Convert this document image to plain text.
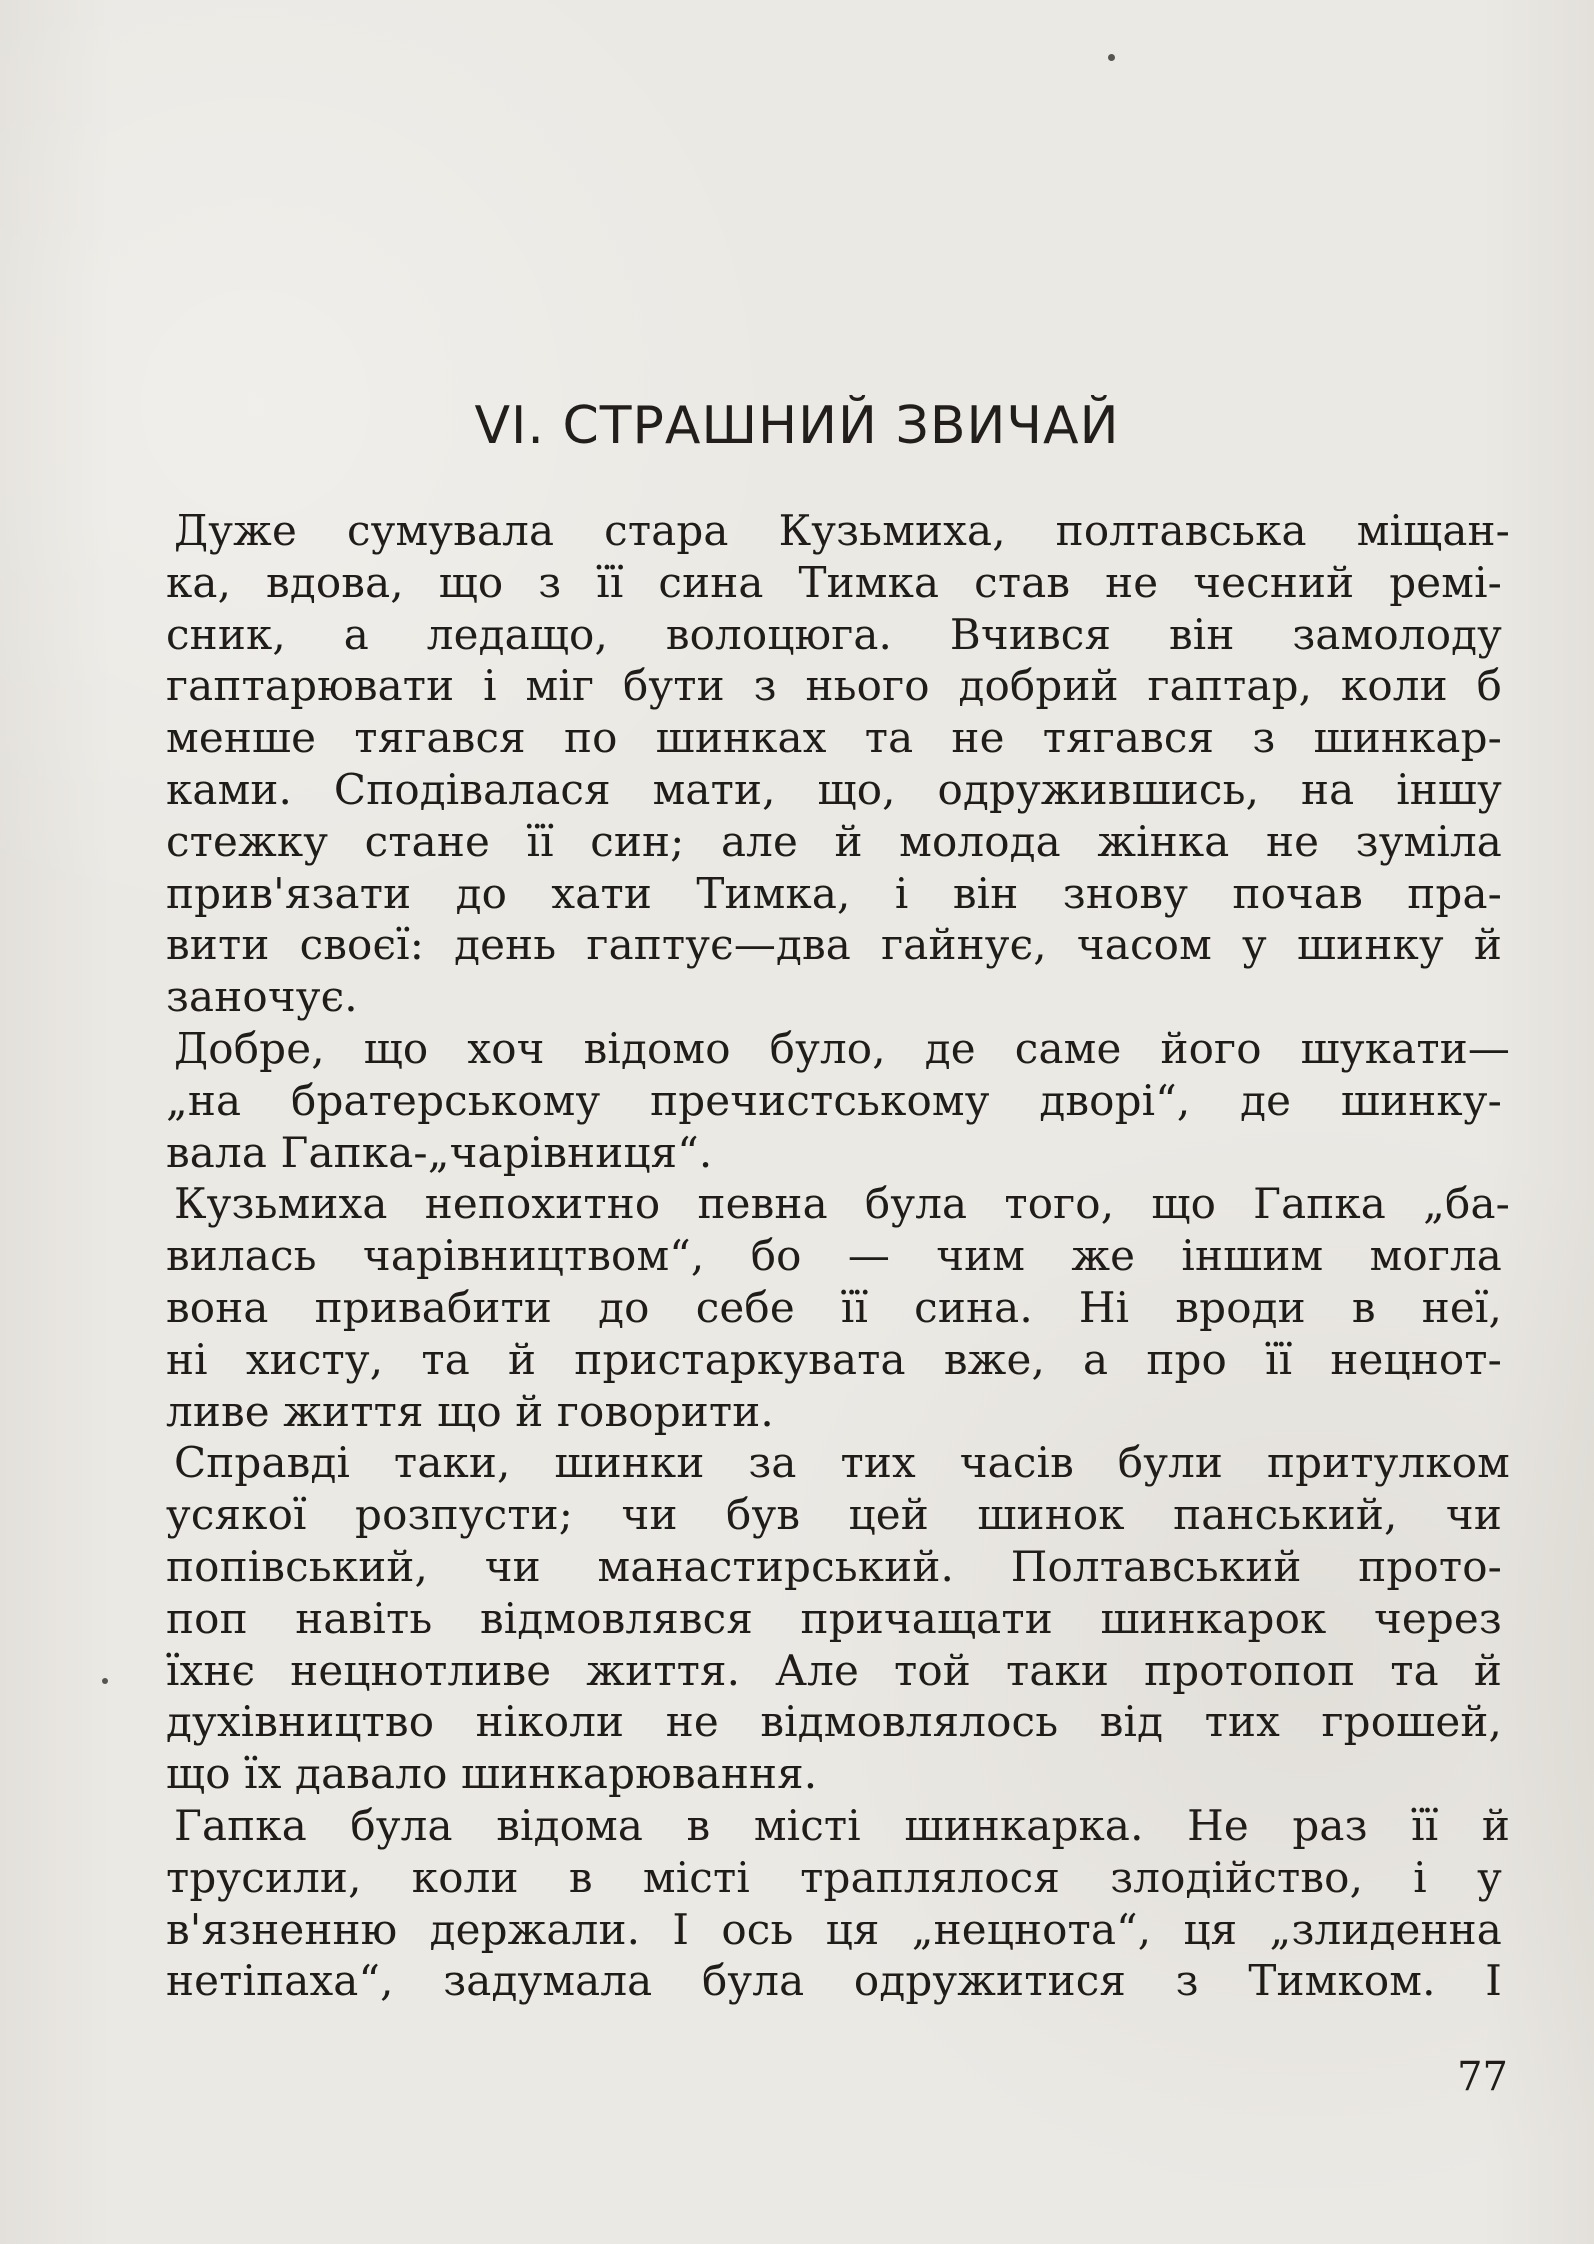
VI. СТРАШНИЙ ЗВИЧАЙ
Дуже сумувала стара Кузьмиха, полтавська міщан-
ка, вдова, що з її сина Тимка став не чесний ремі-
сник, а ледащо, волоцюга. Вчився він замолоду
гаптарювати і міг бути з нього добрий гаптар, коли б
менше тягався по шинках та не тягався з шинкар-
ками. Сподівалася мати, що, одружившись, на іншу
стежку стане її син; але й молода жінка не зуміла
прив'язати до хати Тимка, і він знову почав пра-
вити своєї: день гаптує—два гайнує, часом у шинку й
заночує.
Добре, що хоч відомо було, де саме його шукати—
„на братерському пречистському дворі“, де шинку-
вала Гапка-„чарівниця“.
Кузьмиха непохитно певна була того, що Гапка „ба-
вилась чарівництвом“, бо — чим же іншим могла
вона привабити до себе її сина. Ні вроди в неї,
ні хисту, та й пристаркувата вже, а про її нецнот-
ливе життя що й говорити.
Справді таки, шинки за тих часів були притулком
усякої розпусти; чи був цей шинок панський, чи
попівський, чи манастирський. Полтавський прото-
поп навіть відмовлявся причащати шинкарок через
їхнє нецнотливе життя. Але той таки протопоп та й
духівництво ніколи не відмовлялось від тих грошей,
що їх давало шинкарювання.
Гапка була відома в місті шинкарка. Не раз її й
трусили, коли в місті траплялося злодійство, і у
в'язненню держали. І ось ця „нецнота“, ця „злиденна
нетіпаха“, задумала була одружитися з Тимком. І
77
